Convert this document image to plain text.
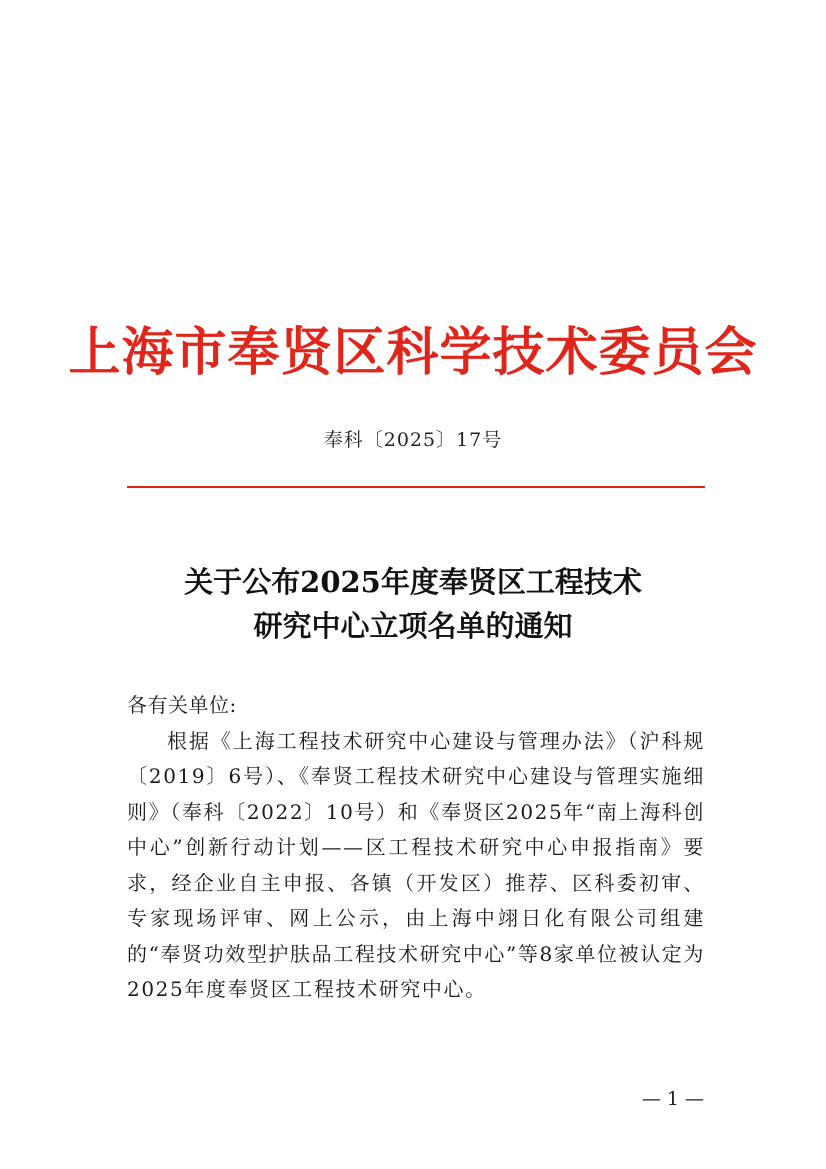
上海市奉贤区科学技术委员会
奉科〔2025〕17号
关于公布2025年度奉贤区工程技术
研究中心立项名单的通知

各有关单位:

根据《上海工程技术研究中心建设与管理办法》（沪科规〔2019〕6号）、《奉贤工程技术研究中心建设与管理实施细则》（奉科〔2022〕10号）和《奉贤区2025年“南上海科创中心”创新行动计划——区工程技术研究中心申报指南》要求，经企业自主申报、各镇（开发区）推荐、区科委初审、专家现场评审、网上公示，由上海中翊日化有限公司组建的“奉贤功效型护肤品工程技术研究中心”等8家单位被认定为2025年度奉贤区工程技术研究中心。

— 1 —
